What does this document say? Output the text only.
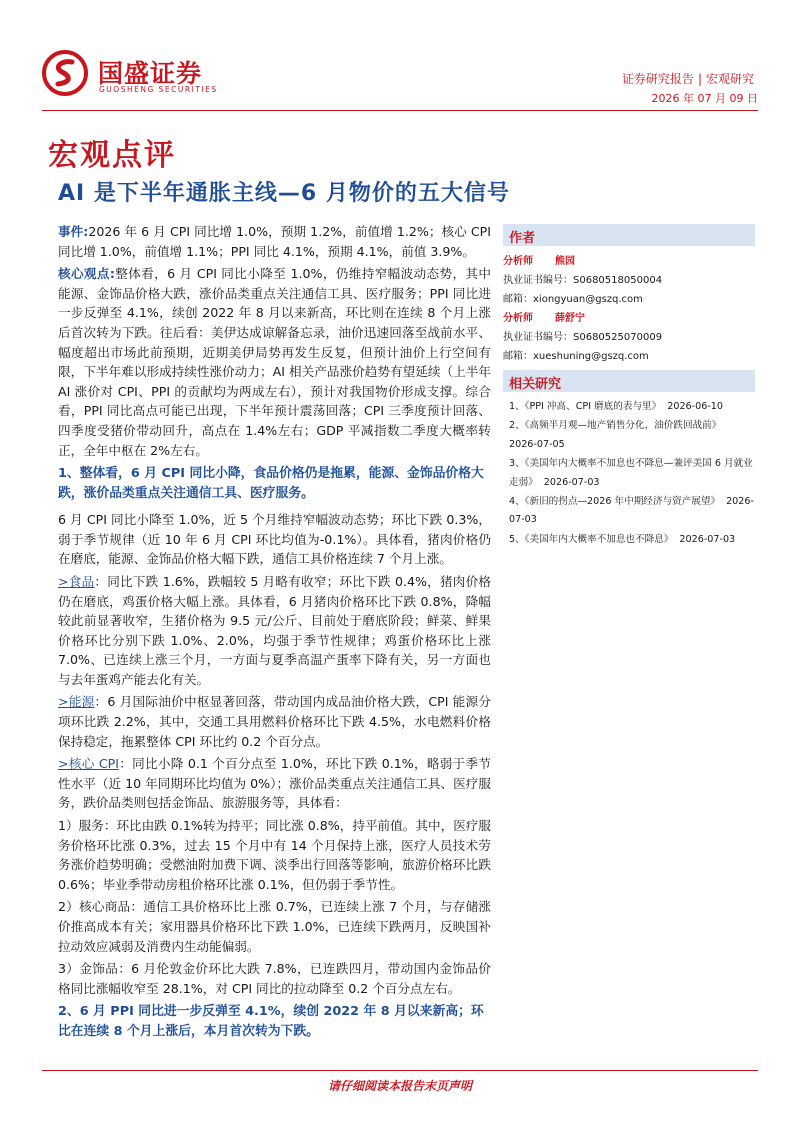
国盛证券
GUOSHENG SECURITIES
证券研究报告 | 宏观研究
2026 年 07 月 09 日
宏观点评
AI 是下半年通胀主线—6 月物价的五大信号

事件:2026 年 6 月 CPI 同比增 1.0%，预期 1.2%，前值增 1.2%；核心 CPI 同比增 1.0%，前值增 1.1%；PPI 同比 4.1%，预期 4.1%，前值 3.9%。

核心观点:整体看，6 月 CPI 同比小降至 1.0%，仍维持窄幅波动态势，其中能源、金饰品价格大跌，涨价品类重点关注通信工具、医疗服务；PPI 同比进一步反弹至 4.1%，续创 2022 年 8 月以来新高，环比则在连续 8 个月上涨后首次转为下跌。往后看：美伊达成谅解备忘录，油价迅速回落至战前水平、幅度超出市场此前预期，近期美伊局势再发生反复，但预计油价上行空间有限，下半年难以形成持续性涨价动力；AI 相关产品涨价趋势有望延续（上半年 AI 涨价对 CPI、PPI 的贡献均为两成左右），预计对我国物价形成支撑。综合看，PPI 同比高点可能已出现，下半年预计震荡回落；CPI 三季度预计回落、四季度受猪价带动回升，高点在 1.4%左右；GDP 平减指数二季度大概率转正，全年中枢在 2%左右。

1、整体看，6 月 CPI 同比小降，食品价格仍是拖累，能源、金饰品价格大跌，涨价品类重点关注通信工具、医疗服务。

6 月 CPI 同比小降至 1.0%，近 5 个月维持窄幅波动态势；环比下跌 0.3%，弱于季节规律（近 10 年 6 月 CPI 环比均值为-0.1%）。具体看，猪肉价格仍在磨底，能源、金饰品价格大幅下跌，通信工具价格连续 7 个月上涨。

>食品：同比下跌 1.6%，跌幅较 5 月略有收窄；环比下跌 0.4%，猪肉价格仍在磨底，鸡蛋价格大幅上涨。具体看，6 月猪肉价格环比下跌 0.8%，降幅较此前显著收窄，生猪价格为 9.5 元/公斤、目前处于磨底阶段；鲜菜、鲜果价格环比分别下跌 1.0%、2.0%，均强于季节性规律；鸡蛋价格环比上涨 7.0%、已连续上涨三个月，一方面与夏季高温产蛋率下降有关，另一方面也与去年蛋鸡产能去化有关。

>能源：6 月国际油价中枢显著回落，带动国内成品油价格大跌，CPI 能源分项环比跌 2.2%，其中，交通工具用燃料价格环比下跌 4.5%，水电燃料价格保持稳定，拖累整体 CPI 环比约 0.2 个百分点。

>核心 CPI：同比小降 0.1 个百分点至 1.0%，环比下跌 0.1%，略弱于季节性水平（近 10 年同期环比均值为 0%）；涨价品类重点关注通信工具、医疗服务，跌价品类则包括金饰品、旅游服务等，具体看：

1）服务：环比由跌 0.1%转为持平；同比涨 0.8%，持平前值。其中，医疗服务价格环比涨 0.3%，过去 15 个月中有 14 个月保持上涨，医疗人员技术劳务涨价趋势明确；受燃油附加费下调、淡季出行回落等影响，旅游价格环比跌 0.6%；毕业季带动房租价格环比涨 0.1%，但仍弱于季节性。

2）核心商品：通信工具价格环比上涨 0.7%，已连续上涨 7 个月，与存储涨价推高成本有关；家用器具价格环比下跌 1.0%，已连续下跌两月，反映国补拉动效应减弱及消费内生动能偏弱。

3）金饰品：6 月伦敦金价环比大跌 7.8%，已连跌四月，带动国内金饰品价格同比涨幅收窄至 28.1%，对 CPI 同比的拉动降至 0.2 个百分点左右。

2、6 月 PPI 同比进一步反弹至 4.1%，续创 2022 年 8 月以来新高；环比在连续 8 个月上涨后，本月首次转为下跌。

作者
分析师 熊园
执业证书编号：S0680518050004
邮箱：xiongyuan@gszq.com
分析师 薛舒宁
执业证书编号：S0680525070009
邮箱：xueshuning@gszq.com
相关研究
1、《PPI 冲高、CPI 磨底的表与里》 2026-06-10
2、《高频半月观—地产销售分化，油价跌回战前》
2026-07-05
3、《美国年内大概率不加息也不降息—兼评美国 6 月就业走弱》 2026-07-03
4、《新旧的拐点—2026 年中期经济与资产展望》 2026-07-03
5、《美国年内大概率不加息也不降息》 2026-07-03
请仔细阅读本报告末页声明
